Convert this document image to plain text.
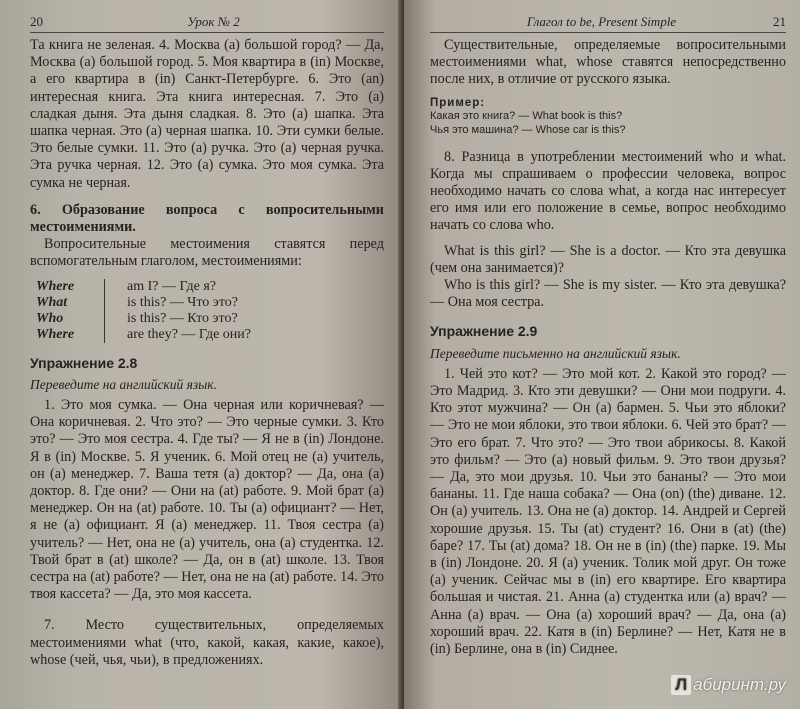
20	Урок № 2

Та книга не зеленая. 4. Москва (а) большой город? — Да, Москва (а) большой город. 5. Моя квартира в (in) Москве, а его квартира в (in) Санкт-Петербурге. 6. Это (an) интересная книга. Эта книга интересная. 7. Это (а) сладкая дыня. Эта дыня сладкая. 8. Это (а) шапка. Эта шапка черная. Это (а) черная шапка. 10. Эти сумки белые. Это белые сумки. 11. Это (а) ручка. Это (а) черная ручка. Эта ручка черная. 12. Это (а) сумка. Это моя сумка. Эта сумка не черная.

6. Образование вопроса с вопросительными местоимениями.

Вопросительные местоимения ставятся перед вспомогательным глаголом, местоимениями:

Where	am I? — Где я?
What	is this? — Что это?
Who	is this? — Кто это?
Where	are they? — Где они?

Упражнение 2.8

Переведите на английский язык.

1. Это моя сумка. — Она черная или коричневая? — Она коричневая. 2. Что это? — Это черные сумки. 3. Кто это? — Это моя сестра. 4. Где ты? — Я не в (in) Лондоне. Я в (in) Москве. 5. Я ученик. 6. Мой отец не (а) учитель, он (а) менеджер. 7. Ваша тетя (а) доктор? — Да, она (а) доктор. 8. Где они? — Они на (at) работе. 9. Мой брат (а) менеджер. Он на (at) работе. 10. Ты (а) официант? — Нет, я не (а) официант. Я (а) менеджер. 11. Твоя сестра (а) учитель? — Нет, она не (а) учитель, она (а) студентка. 12. Твой брат в (at) школе? — Да, он в (at) школе. 13. Твоя сестра на (at) работе? — Нет, она не на (at) работе. 14. Это твоя кассета? — Да, это моя кассета.

7. Место существительных, определяемых местоимениями what (что, какой, какая, какие, какое), whose (чей, чья, чьи), в предложениях.

Глагол to be, Present Simple	21

Существительные, определяемые вопросительными местоимениями what, whose ставятся непосредственно после них, в отличие от русского языка.

Пример:
Какая это книга? — What book is this?
Чья это машина? — Whose car is this?

8. Разница в употреблении местоимений who и what. Когда мы спрашиваем о профессии человека, вопрос необходимо начать со слова what, а когда нас интересует его имя или его положение в семье, вопрос необходимо начать со слова who.

What is this girl? — She is a doctor. — Кто эта девушка (чем она занимается)?

Who is this girl? — She is my sister. — Кто эта девушка? — Она моя сестра.

Упражнение 2.9

Переведите письменно на английский язык.

1. Чей это кот? — Это мой кот. 2. Какой это город? — Это Мадрид. 3. Кто эти девушки? — Они мои подруги. 4. Кто этот мужчина? — Он (а) бармен. 5. Чьи это яблоки? — Это не мои яблоки, это твои яблоки. 6. Чей это брат? — Это его брат. 7. Что это? — Это твои абрикосы. 8. Какой это фильм? — Это (а) новый фильм. 9. Это твои друзья? — Да, это мои друзья. 10. Чьи это бананы? — Это мои бананы. 11. Где наша собака? — Она (on) (the) диване. 12. Он (а) учитель. 13. Она не (а) доктор. 14. Андрей и Сергей хорошие друзья. 15. Ты (at) студент? 16. Они в (at) (the) баре? 17. Ты (at) дома? 18. Он не в (in) (the) парке. 19. Мы в (in) Лондоне. 20. Я (а) ученик. Толик мой друг. Он тоже (а) ученик. Сейчас мы в (in) его квартире. Его квартира большая и чистая. 21. Анна (а) студентка или (а) врач? — Анна (а) врач. — Она (а) хороший врач? — Да, она (а) хороший врач. 22. Катя в (in) Берлине? — Нет, Катя не в (in) Берлине, она в (in) Сиднее.

Л абиринт.ру
